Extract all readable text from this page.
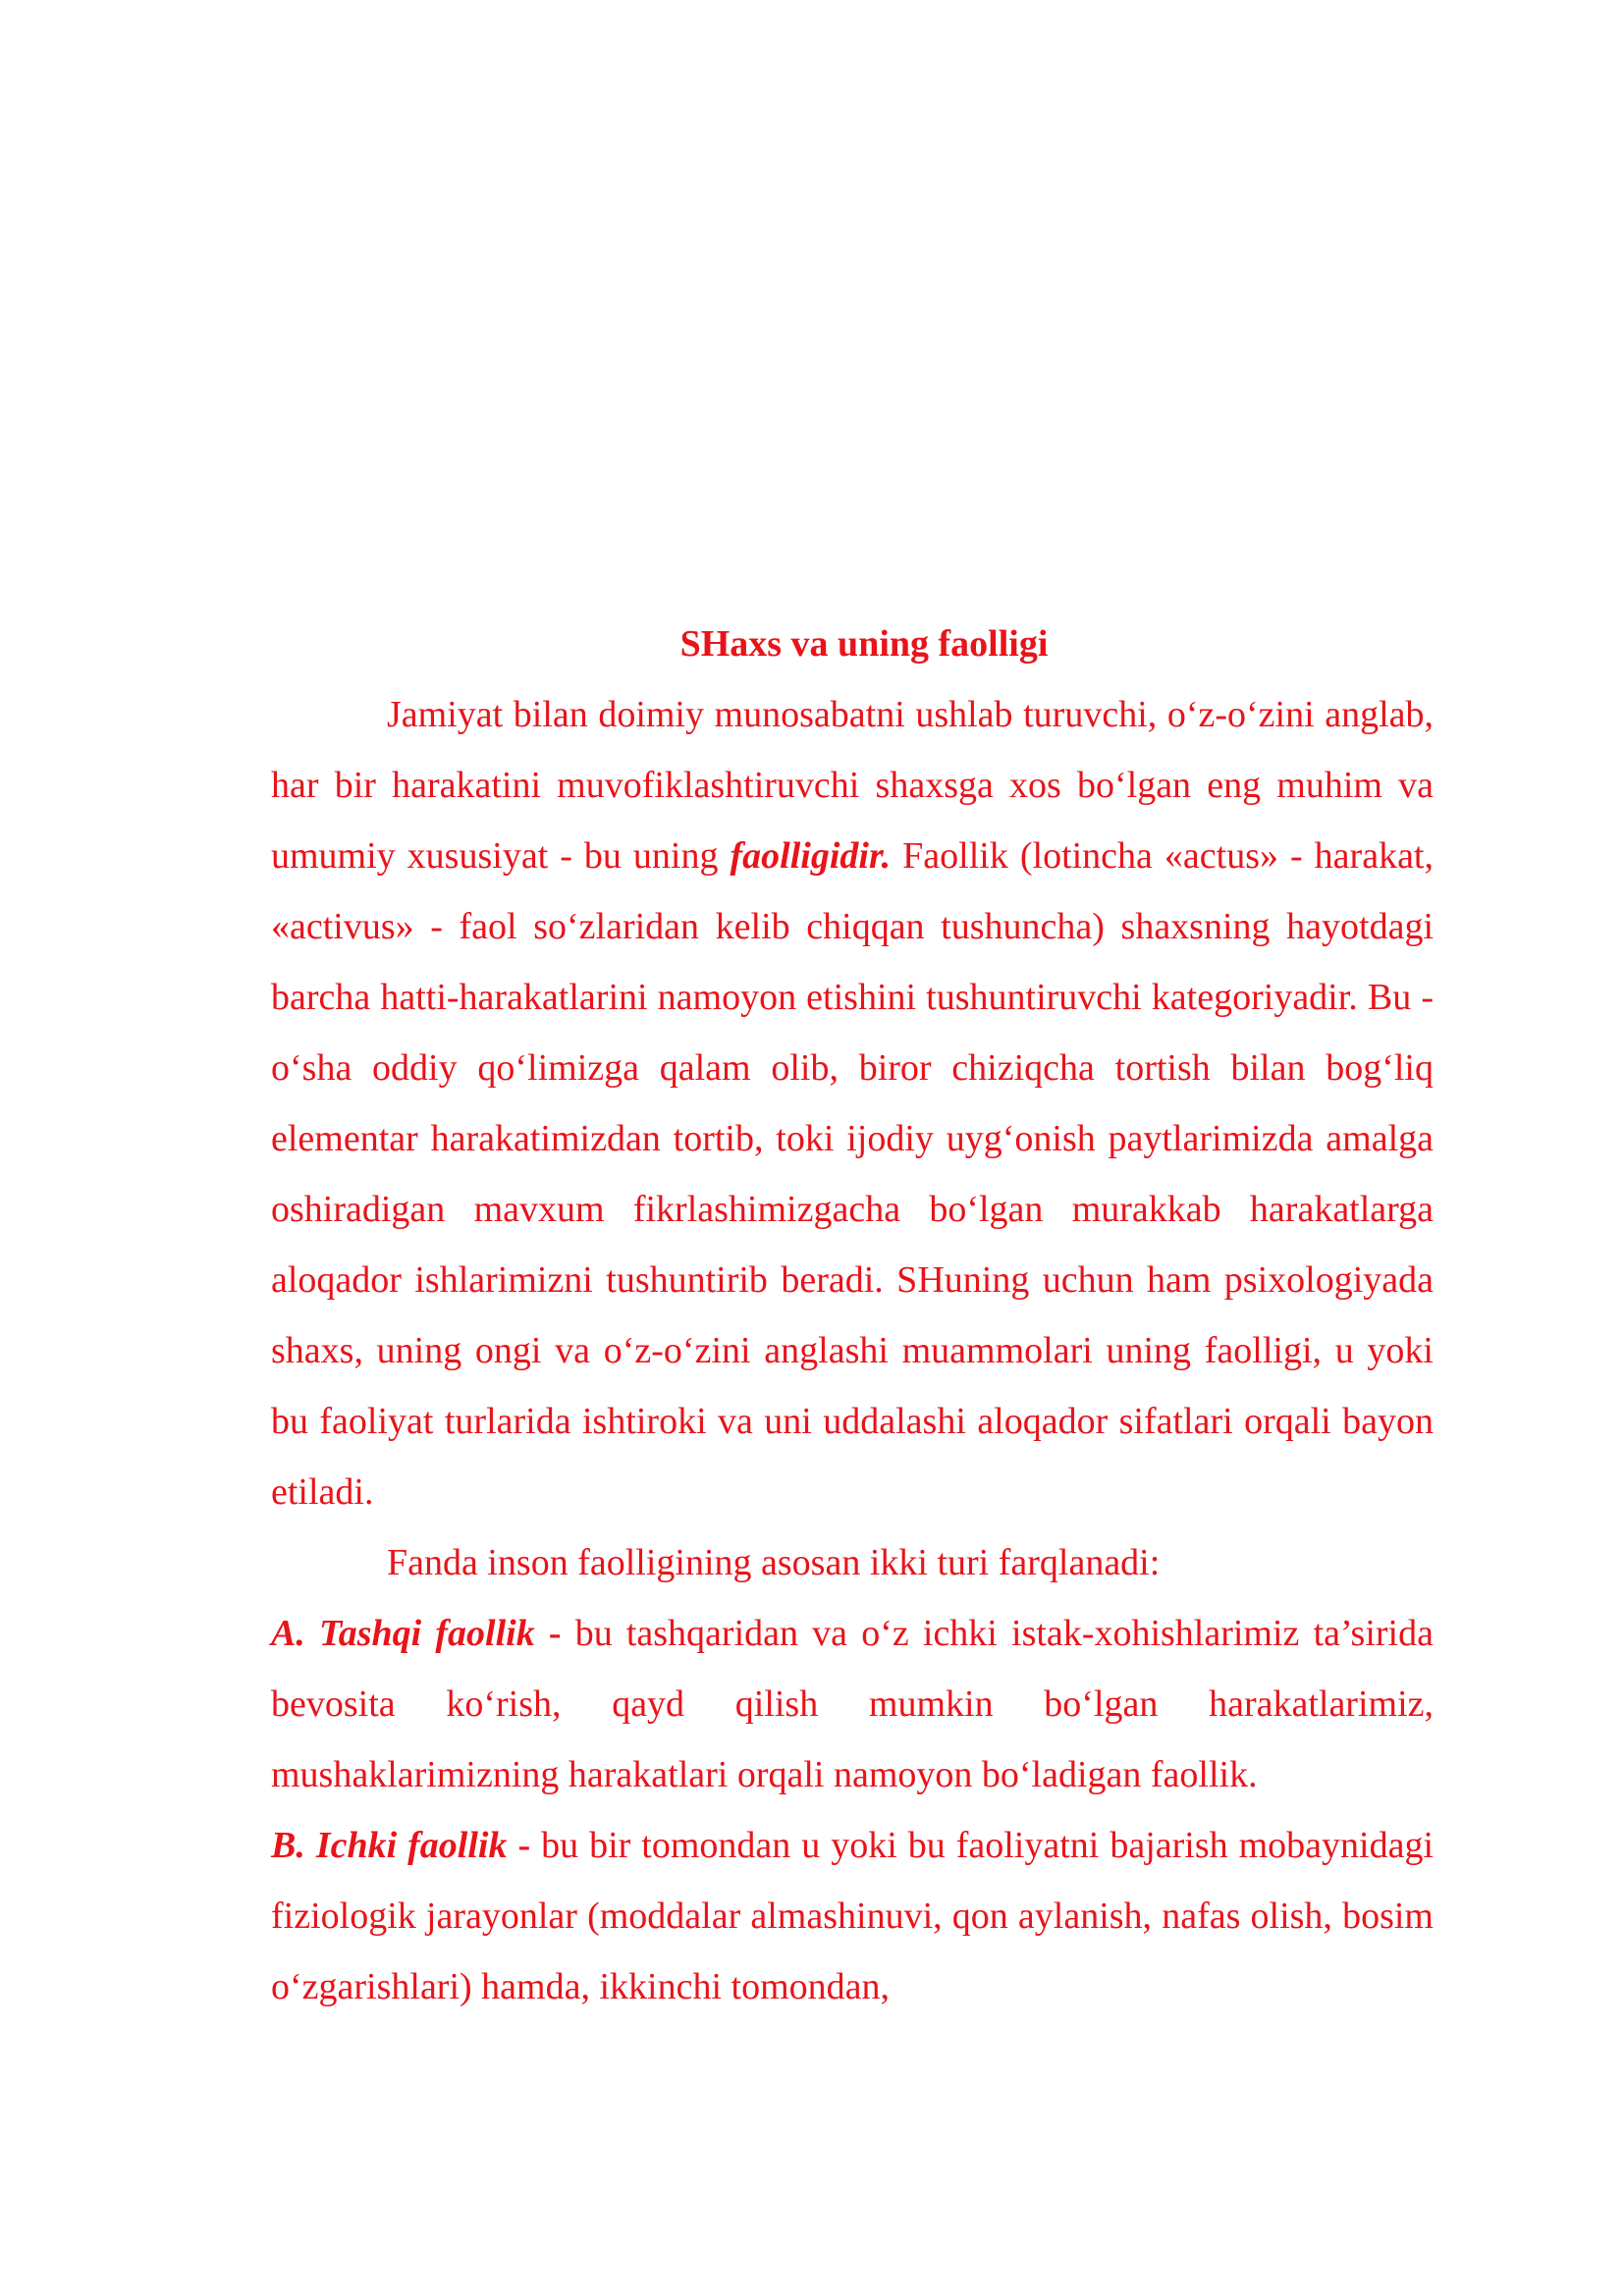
SHaxs va uning faolligi

Jamiyat bilan doimiy munosabatni ushlab turuvchi, o‘z-o‘zini anglab, har bir harakatini muvofiklashtiruvchi shaxsga xos bo‘lgan eng muhim va umumiy xususiyat - bu uning faolligidir. Faollik (lotincha «actus» - harakat, «activus» - faol so‘zlaridan kelib chiqqan tushuncha) shaxsning hayotdagi barcha hatti-harakatlarini namoyon etishini tushuntiruvchi kategoriyadir. Bu - o‘sha oddiy qo‘limizga qalam olib, biror chiziqcha tortish bilan bog‘liq elementar harakatimizdan tortib, toki ijodiy uyg‘onish paytlarimizda amalga oshiradigan mavxum fikrlashimizgacha bo‘lgan murakkab harakatlarga aloqador ishlarimizni tushuntirib beradi. SHuning uchun ham psixologiyada shaxs, uning ongi va o‘z-o‘zini anglashi muammolari uning faolligi, u yoki bu faoliyat turlarida ishtiroki va uni uddalashi aloqador sifatlari orqali bayon etiladi.

Fanda inson faolligining asosan ikki turi farqlanadi:

A. Tashqi faollik - bu tashqaridan va o‘z ichki istak-xohishlarimiz ta’sirida bevosita ko‘rish, qayd qilish mumkin bo‘lgan harakatlarimiz, mushaklarimizning harakatlari orqali namoyon bo‘ladigan faollik.

B. Ichki faollik - bu bir tomondan u yoki bu faoliyatni bajarish mobaynidagi fiziologik jarayonlar (moddalar almashinuvi, qon aylanish, nafas olish, bosim o‘zgarishlari) hamda, ikkinchi tomondan,
